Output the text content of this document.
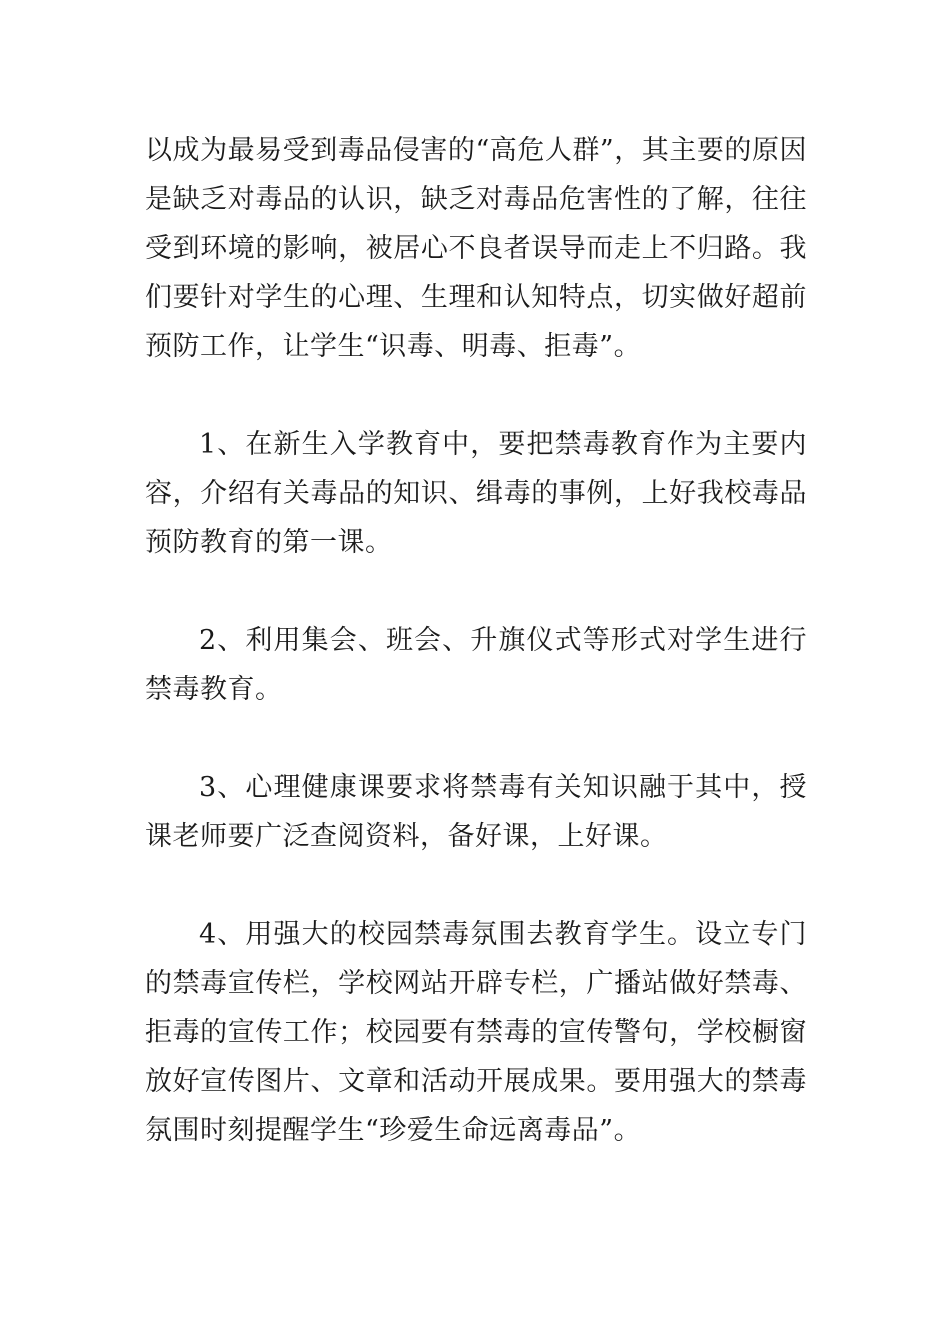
以成为最易受到毒品侵害的“高危人群”，其主要的原因是缺乏对毒品的认识，缺乏对毒品危害性的了解，往往受到环境的影响，被居心不良者误导而走上不归路。我们要针对学生的心理、生理和认知特点，切实做好超前预防工作，让学生“识毒、明毒、拒毒”。

1、在新生入学教育中，要把禁毒教育作为主要内容，介绍有关毒品的知识、缉毒的事例，上好我校毒品预防教育的第一课。

2、利用集会、班会、升旗仪式等形式对学生进行禁毒教育。

3、心理健康课要求将禁毒有关知识融于其中，授课老师要广泛查阅资料，备好课，上好课。

4、用强大的校园禁毒氛围去教育学生。设立专门的禁毒宣传栏，学校网站开辟专栏，广播站做好禁毒、拒毒的宣传工作；校园要有禁毒的宣传警句，学校橱窗放好宣传图片、文章和活动开展成果。要用强大的禁毒氛围时刻提醒学生“珍爱生命远离毒品”。
